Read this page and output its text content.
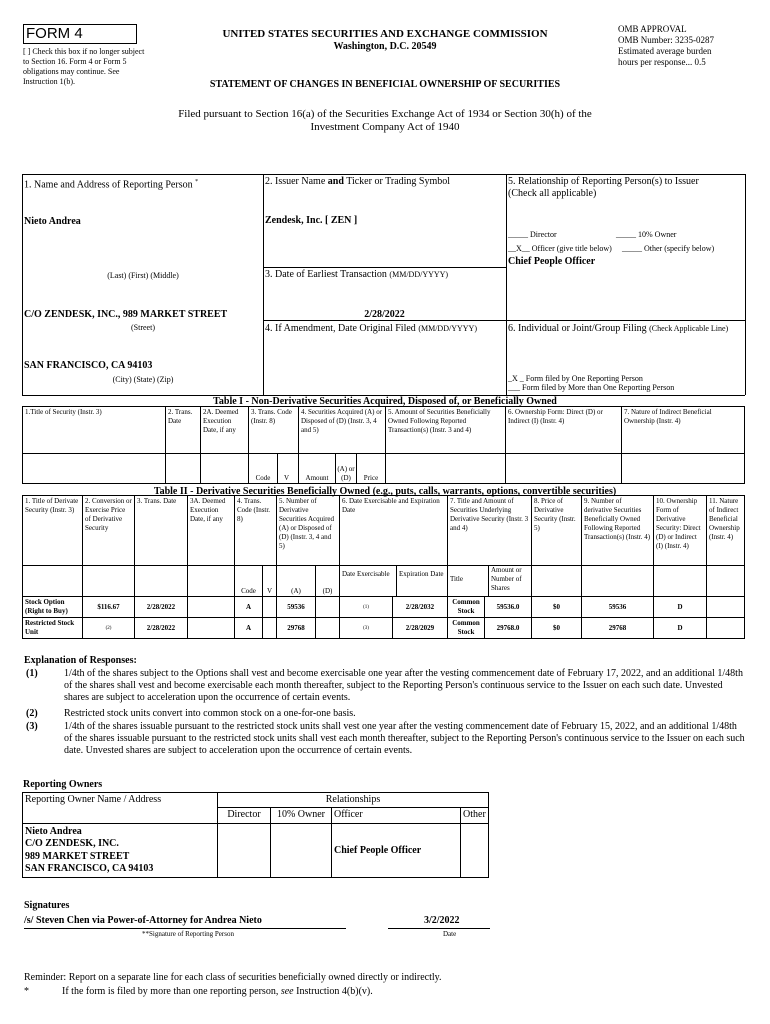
FORM 4
[ ] Check this box if no longer subject to Section 16. Form 4 or Form 5 obligations may continue. See Instruction 1(b).
UNITED STATES SECURITIES AND EXCHANGE COMMISSION
Washington, D.C. 20549
STATEMENT OF CHANGES IN BENEFICIAL OWNERSHIP OF SECURITIES
OMB APPROVAL
OMB Number: 3235-0287
Estimated average burden
hours per response... 0.5
Filed pursuant to Section 16(a) of the Securities Exchange Act of 1934 or Section 30(h) of the
Investment Company Act of 1940
1. Name and Address of Reporting Person *
Nieto Andrea
(Last) (First) (Middle)
C/O ZENDESK, INC., 989 MARKET STREET
(Street)
SAN FRANCISCO, CA 94103
(City) (State) (Zip)
2. Issuer Name and Ticker or Trading Symbol
Zendesk, Inc. [ ZEN ]
3. Date of Earliest Transaction (MM/DD/YYYY)
2/28/2022
4. If Amendment, Date Original Filed (MM/DD/YYYY)
5. Relationship of Reporting Person(s) to Issuer
(Check all applicable)
_____ Director	_____ 10% Owner
__X__ Officer (give title below) _____ Other (specify below)
Chief People Officer
6. Individual or Joint/Group Filing (Check Applicable Line)
_X _ Form filed by One Reporting Person
___ Form filed by More than One Reporting Person
Table I - Non-Derivative Securities Acquired, Disposed of, or Beneficially Owned
1.Title of Security (Instr. 3)	2. Trans. Date	2A. Deemed Execution Date, if any	3. Trans. Code (Instr. 8)	4. Securities Acquired (A) or Disposed of (D) (Instr. 3, 4 and 5)	5. Amount of Securities Beneficially Owned Following Reported Transaction(s) (Instr. 3 and 4)	6. Ownership Form: Direct (D) or Indirect (I) (Instr. 4)	7. Nature of Indirect Beneficial Ownership (Instr. 4)

			Code V	Amount
(A) or (D) Price			

Table II - Derivative Securities Beneficially Owned (e.g., puts, calls, warrants, options, convertible securities)
1. Title of Derivate Security (Instr. 3)	2. Conversion or Exercise Price of Derivative Security	3. Trans. Date	3A. Deemed Execution Date, if any	4. Trans. Code (Instr. 8)	5. Number of Derivative Securities Acquired (A) or Disposed of (D) (Instr. 3, 4 and 5)	6. Date Exercisable and Expiration Date	7. Title and Amount of Securities Underlying Derivative Security (Instr. 3 and 4)	8. Price of Derivative Security (Instr. 5)	9. Number of derivative Securities Beneficially Owned Following Reported Transaction(s) (Instr. 4)	10. Ownership Form of Derivative Security: Direct (D) or Indirect (I) (Instr. 4)	11. Nature of Indirect Beneficial Ownership (Instr. 4)

				Code V	(A) (D)	Date Exercisable Expiration Date	Title
Amount or Number of Shares				

Stock Option (Right to Buy)	$116.67	2/28/2022		A	59536	(1) 2/28/2032	Common Stock 59536.0	$0	59536	D	
Restricted Stock Unit	(2)	2/28/2022		A	29768	(3) 2/28/2029	Common Stock 29768.0	$0	29768	D	
Explanation of Responses:
(1)	1/4th of the shares subject to the Options shall vest and become exercisable one year after the vesting commencement date of February 17, 2022, and an additional 1/48th of the shares shall vest and become exercisable each month thereafter, subject to the Reporting Person's continuous service to the Issuer on each such date. Unvested shares are subject to acceleration upon the occurrence of certain events.
(2)	Restricted stock units convert into common stock on a one-for-one basis.
(3)	1/4th of the shares issuable pursuant to the restricted stock units shall vest one year after the vesting commencement date of February 15, 2022, and an additional 1/48th of the shares issuable pursuant to the restricted stock units shall vest each month thereafter, subject to the Reporting Person's continuous service to the Issuer on each such date. Unvested shares are subject to acceleration upon the occurrence of certain events.
Reporting Owners
Reporting Owner Name / Address	Relationships			
	Director	10% Owner	Officer	Other

Nieto Andrea
C/O ZENDESK, INC.
989 MARKET STREET
SAN FRANCISCO, CA 94103			Chief People Officer	
Signatures
/s/ Steven Chen via Power-of-Attorney for Andrea Nieto	3/2/2022
**Signature of Reporting Person	Date
Reminder: Report on a separate line for each class of securities beneficially owned directly or indirectly.
*	If the form is filed by more than one reporting person, see Instruction 4(b)(v).
